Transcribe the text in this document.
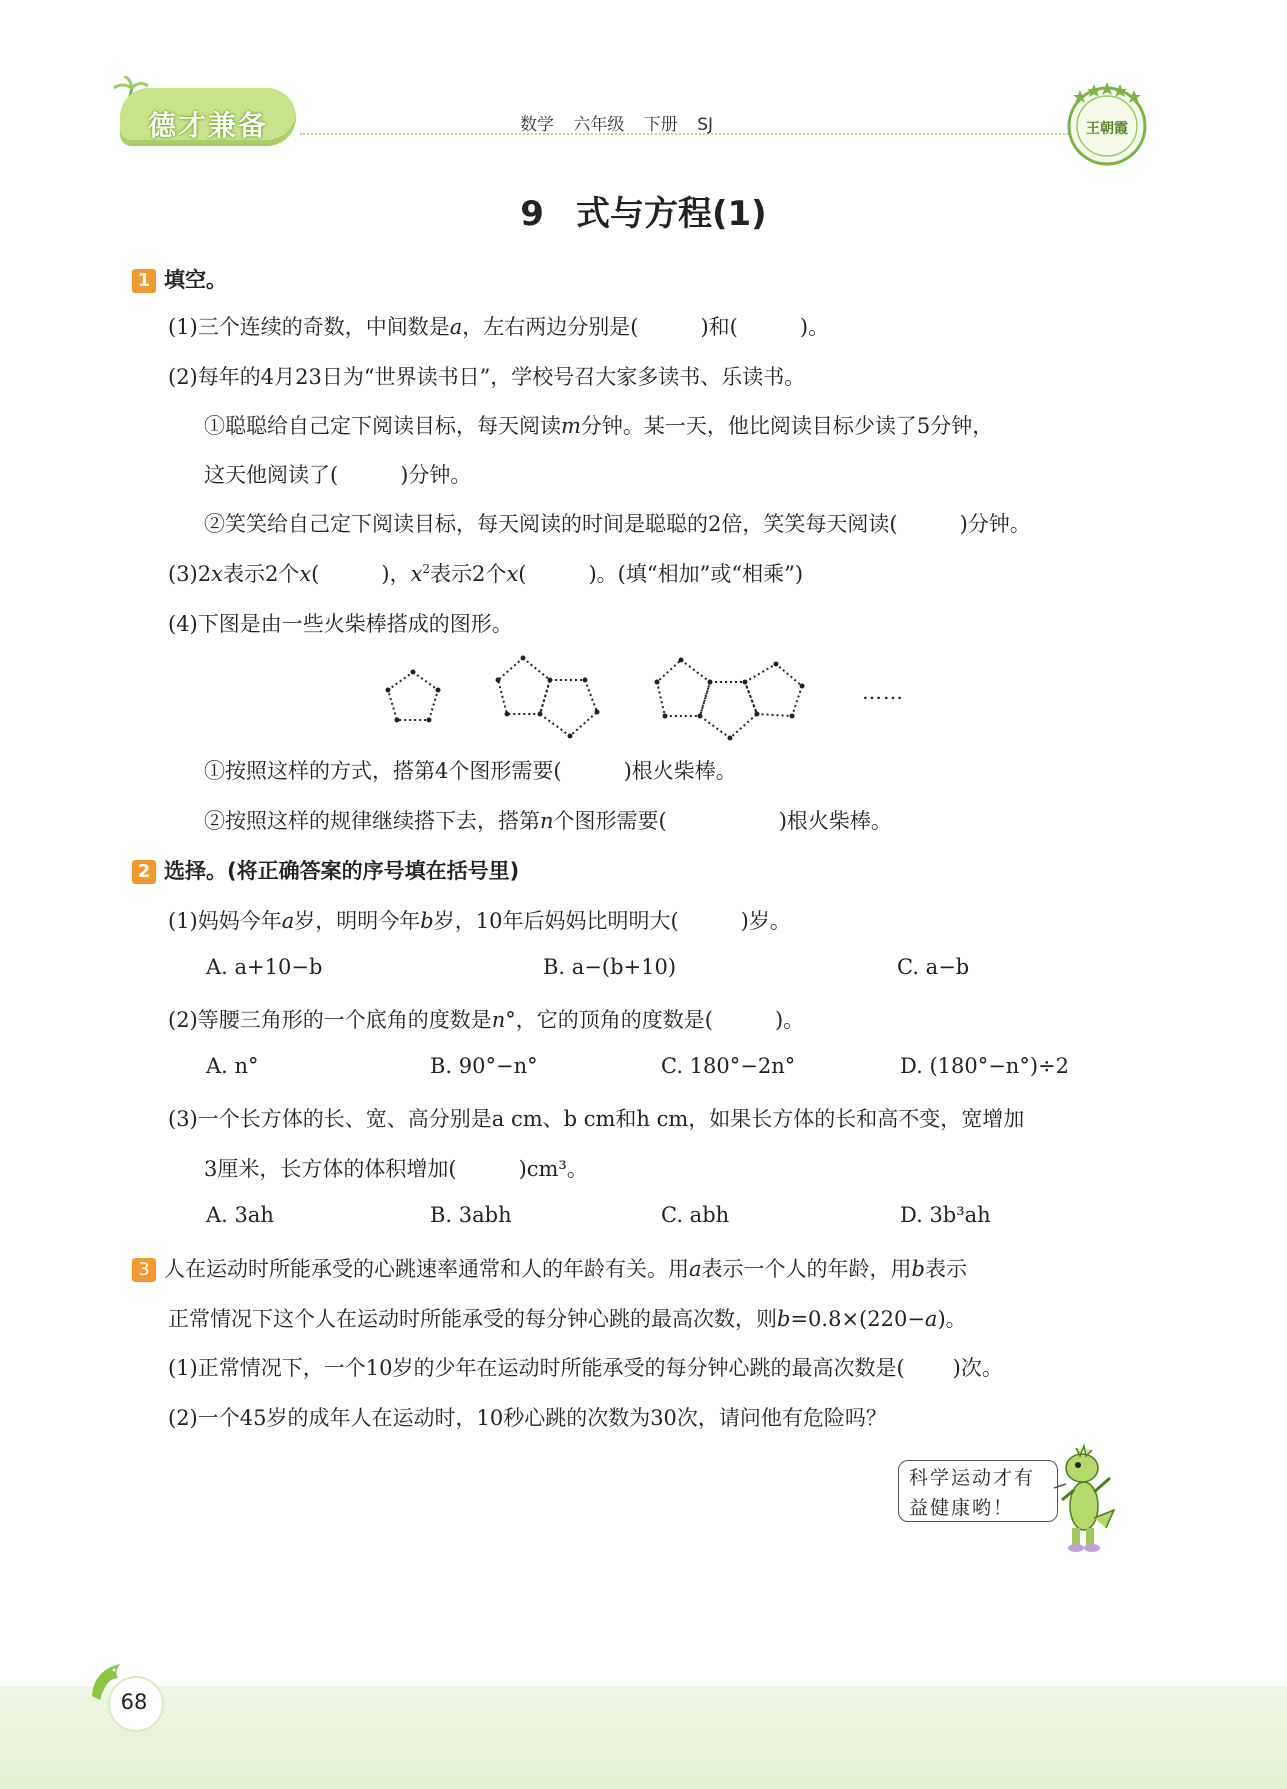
德才兼备	数学 六年级 下册 SJ	王朝霞
9 式与方程(1)
1 填空。
(1)三个连续的奇数，中间数是a，左右两边分别是(	)和(	)。
(2)每年的4月23日为“世界读书日”，学校号召大家多读书、乐读书。
①聪聪给自己定下阅读目标，每天阅读m分钟。某一天，他比阅读目标少读了5分钟，
这天他阅读了(	)分钟。
②笑笑给自己定下阅读目标，每天阅读的时间是聪聪的2倍，笑笑每天阅读(	)分钟。
(3)2x表示2个x(	)，$x^2$表示2个x(	)。(填“相加”或“相乘”)
(4)下图是由一些火柴棒搭成的图形。
……
①按照这样的方式，搭第4个图形需要(	)根火柴棒。
②按照这样的规律继续搭下去，搭第n个图形需要(	)根火柴棒。
2 选择。(将正确答案的序号填在括号里)
(1)妈妈今年a岁，明明今年b岁，10年后妈妈比明明大(	)岁。
A. a+10−b	B. a−(b+10)	C. a−b
(2)等腰三角形的一个底角的度数是n°，它的顶角的度数是(	)。
A. n°	B. 90°−n°	C. 180°−2n°	D. (180°−n°)÷2
(3)一个长方体的长、宽、高分别是a cm、b cm和h cm，如果长方体的长和高不变，宽增加
3厘米，长方体的体积增加(	)cm³。
A. 3ah	B. 3abh	C. abh	D. 3b³ah
3 人在运动时所能承受的心跳速率通常和人的年龄有关。用a表示一个人的年龄，用b表示
正常情况下这个人在运动时所能承受的每分钟心跳的最高次数，则b=0.8×(220−a)。
(1)正常情况下，一个10岁的少年在运动时所能承受的每分钟心跳的最高次数是( )次。
(2)一个45岁的成年人在运动时，10秒心跳的次数为30次，请问他有危险吗？
科学运动才有
益健康哟！
68
